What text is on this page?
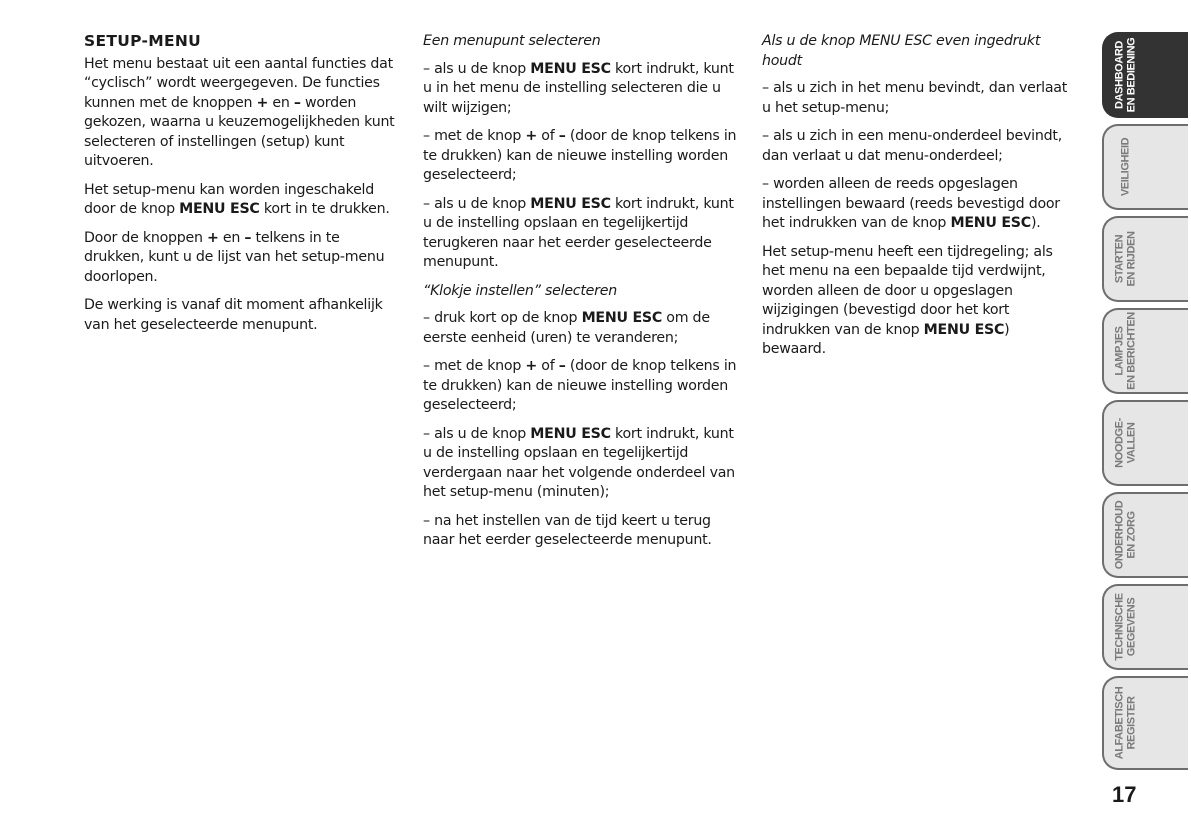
SETUP-MENU

Het menu bestaat uit een aantal functies dat “cyclisch” wordt weergegeven. De functies kunnen met de knoppen + en – worden gekozen, waarna u keuzemogelijkheden kunt selecteren of instellingen (setup) kunt uitvoeren.

Het setup-menu kan worden ingeschakeld door de knop MENU ESC kort in te drukken.

Door de knoppen + en – telkens in te drukken, kunt u de lijst van het setup-menu doorlopen.

De werking is vanaf dit moment afhankelijk van het geselecteerde menupunt.

Een menupunt selecteren

– als u de knop MENU ESC kort indrukt, kunt u in het menu de instelling selecteren die u wilt wijzigen;

– met de knop + of – (door de knop telkens in te drukken) kan de nieuwe instelling worden geselecteerd;

– als u de knop MENU ESC kort indrukt, kunt u de instelling opslaan en tegelijkertijd terugkeren naar het eerder geselecteerde menupunt.

“Klokje instellen” selecteren

– druk kort op de knop MENU ESC om de eerste eenheid (uren) te veranderen;

– met de knop + of – (door de knop telkens in te drukken) kan de nieuwe instelling worden geselecteerd;

– als u de knop MENU ESC kort indrukt, kunt u de instelling opslaan en tegelijkertijd verdergaan naar het volgende onderdeel van het setup-menu (minuten);

– na het instellen van de tijd keert u terug naar het eerder geselecteerde menupunt.

Als u de knop MENU ESC even ingedrukt houdt

– als u zich in het menu bevindt, dan verlaat u het setup-menu;

– als u zich in een menu-onderdeel bevindt, dan verlaat u dat menu-onderdeel;

– worden alleen de reeds opgeslagen instellingen bewaard (reeds bevestigd door het indrukken van de knop MENU ESC).

Het setup-menu heeft een tijdregeling; als het menu na een bepaalde tijd verdwijnt, worden alleen de door u opgeslagen wijzigingen (bevestigd door het kort indrukken van de knop MENU ESC) bewaard.

DASHBOARD
EN BEDIENING
VEILIGHEID
STARTEN
EN RIJDEN
LAMPJES
EN BERICHTEN
NOODGE-
VALLEN
ONDERHOUD
EN ZORG
TECHNISCHE
GEGEVENS
ALFABETISCH
REGISTER
17
